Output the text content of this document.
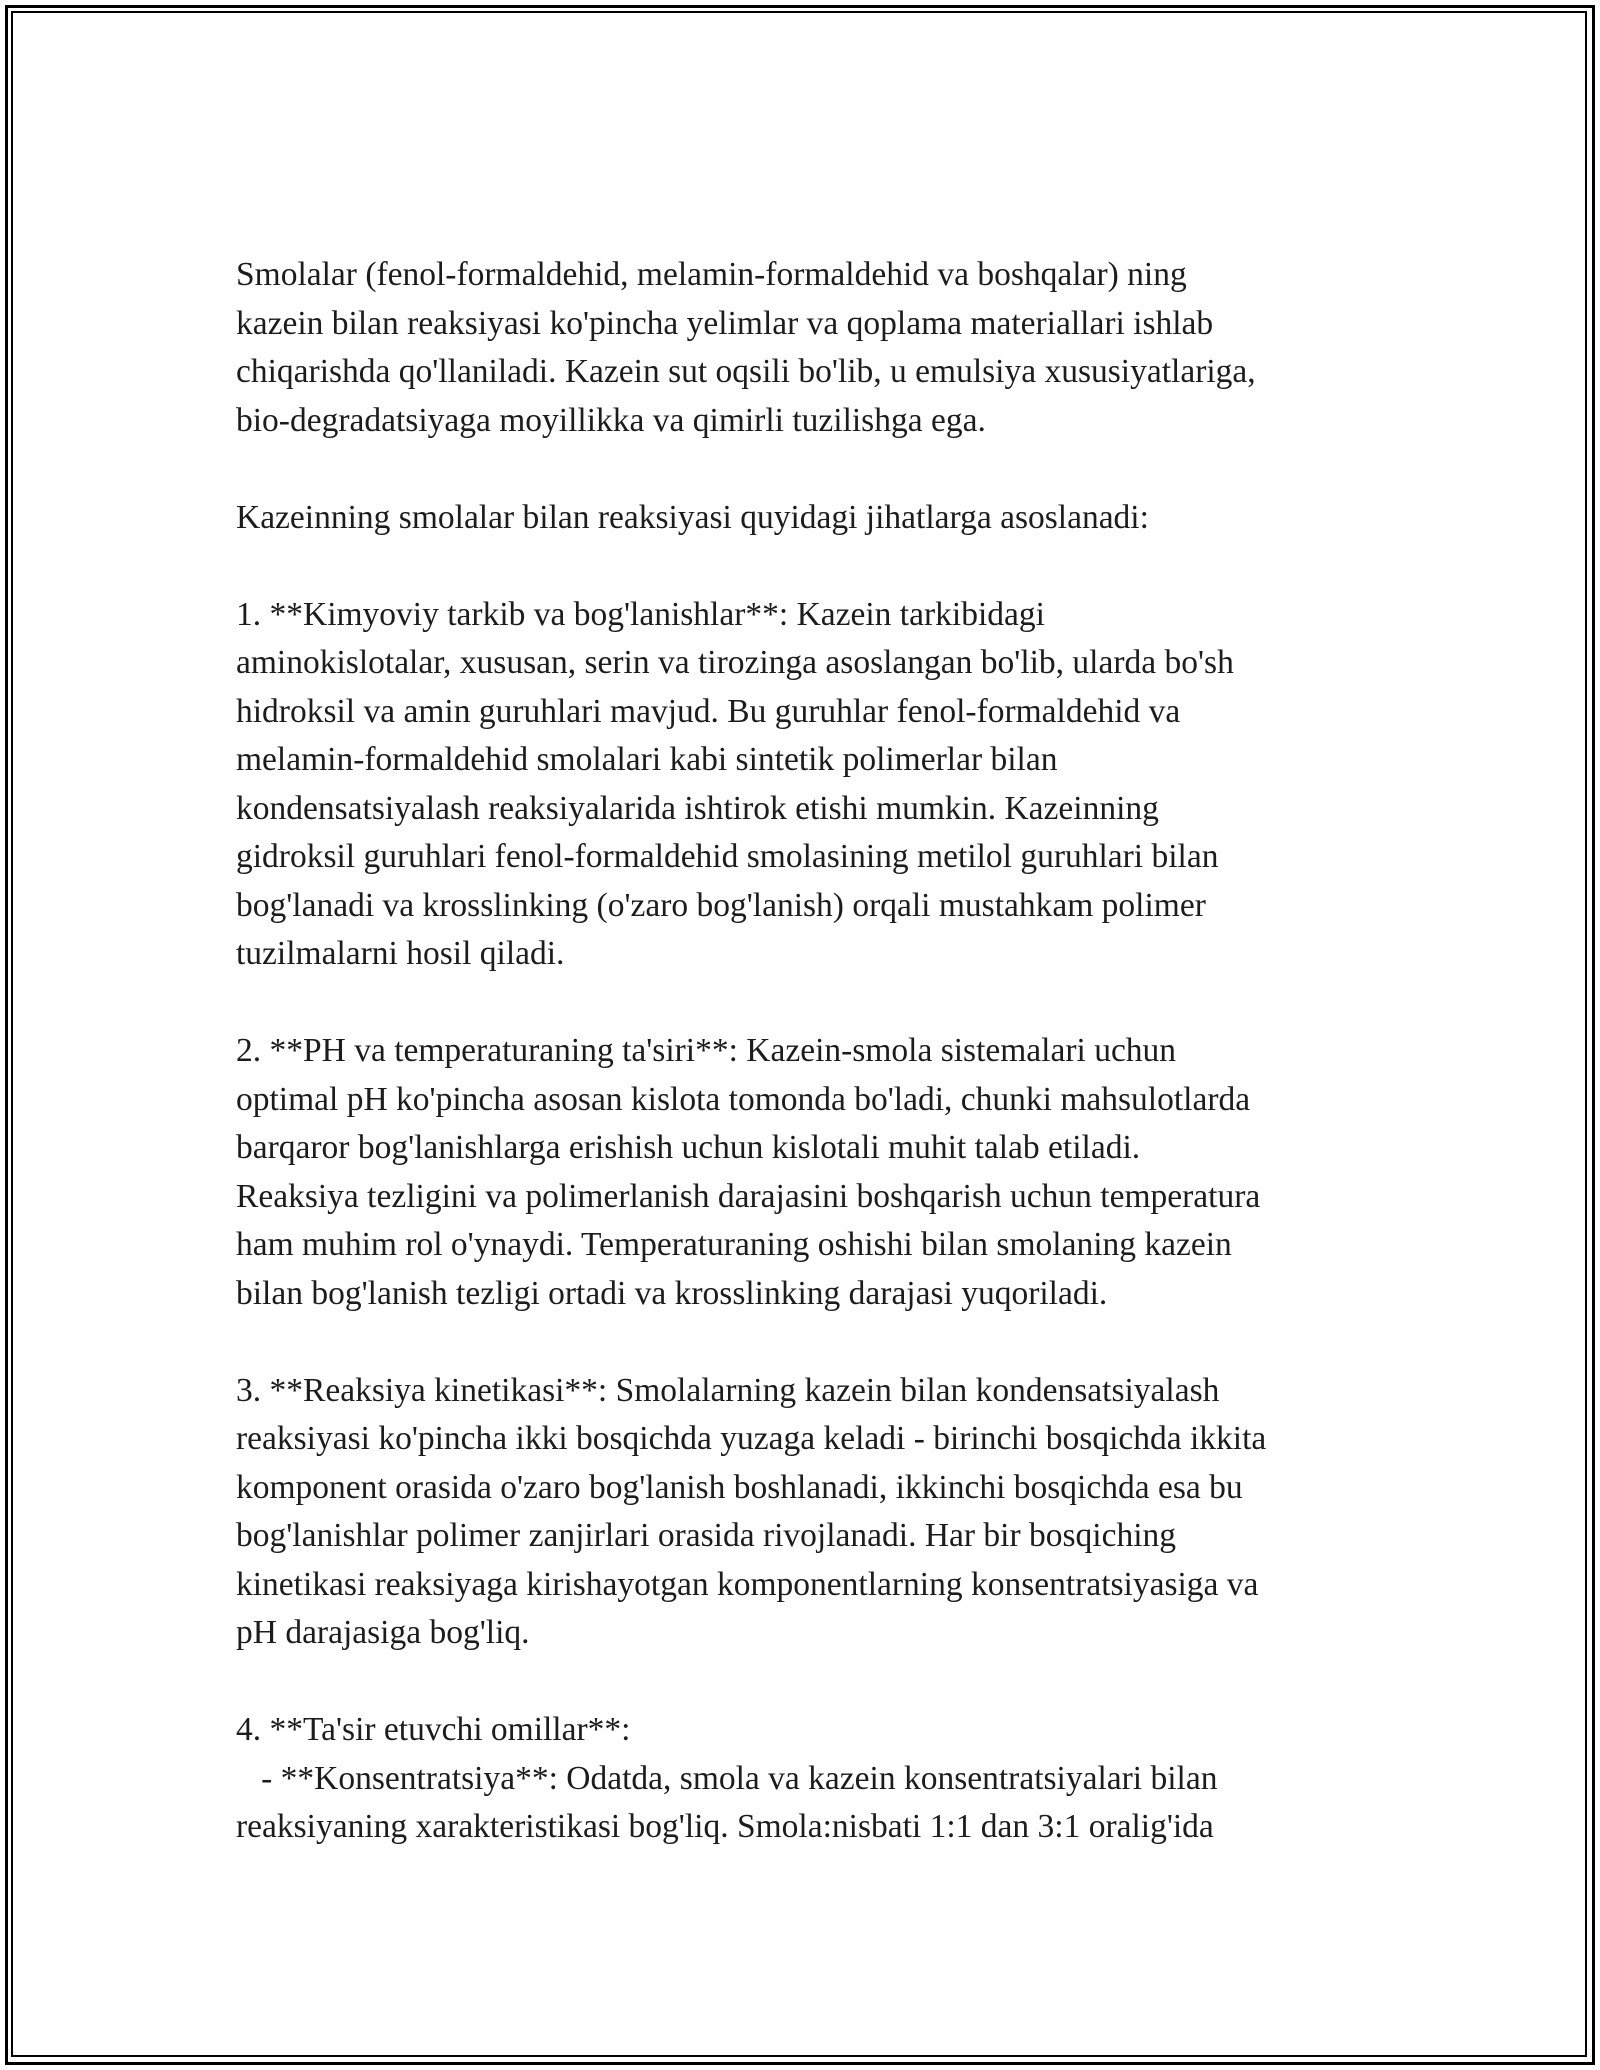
Smolalar (fenol-formaldehid, melamin-formaldehid va boshqalar) ning
kazein bilan reaksiyasi ko'pincha yelimlar va qoplama materiallari ishlab
chiqarishda qo'llaniladi. Kazein sut oqsili bo'lib, u emulsiya xususiyatlariga,
bio-degradatsiyaga moyillikka va qimirli tuzilishga ega.
Kazeinning smolalar bilan reaksiyasi quyidagi jihatlarga asoslanadi:
1. **Kimyoviy tarkib va bog'lanishlar**: Kazein tarkibidagi
aminokislotalar, xususan, serin va tirozinga asoslangan bo'lib, ularda bo'sh
hidroksil va amin guruhlari mavjud. Bu guruhlar fenol-formaldehid va
melamin-formaldehid smolalari kabi sintetik polimerlar bilan
kondensatsiyalash reaksiyalarida ishtirok etishi mumkin. Kazeinning
gidroksil guruhlari fenol-formaldehid smolasining metilol guruhlari bilan
bog'lanadi va krosslinking (o'zaro bog'lanish) orqali mustahkam polimer
tuzilmalarni hosil qiladi.
2. **PH va temperaturaning ta'siri**: Kazein-smola sistemalari uchun
optimal pH ko'pincha asosan kislota tomonda bo'ladi, chunki mahsulotlarda
barqaror bog'lanishlarga erishish uchun kislotali muhit talab etiladi.
Reaksiya tezligini va polimerlanish darajasini boshqarish uchun temperatura
ham muhim rol o'ynaydi. Temperaturaning oshishi bilan smolaning kazein
bilan bog'lanish tezligi ortadi va krosslinking darajasi yuqoriladi.
3. **Reaksiya kinetikasi**: Smolalarning kazein bilan kondensatsiyalash
reaksiyasi ko'pincha ikki bosqichda yuzaga keladi - birinchi bosqichda ikkita
komponent orasida o'zaro bog'lanish boshlanadi, ikkinchi bosqichda esa bu
bog'lanishlar polimer zanjirlari orasida rivojlanadi. Har bir bosqiching
kinetikasi reaksiyaga kirishayotgan komponentlarning konsentratsiyasiga va
pH darajasiga bog'liq.
4. **Ta'sir etuvchi omillar**:
- **Konsentratsiya**: Odatda, smola va kazein konsentratsiyalari bilan
reaksiyaning xarakteristikasi bog'liq. Smola:nisbati 1:1 dan 3:1 oralig'ida
